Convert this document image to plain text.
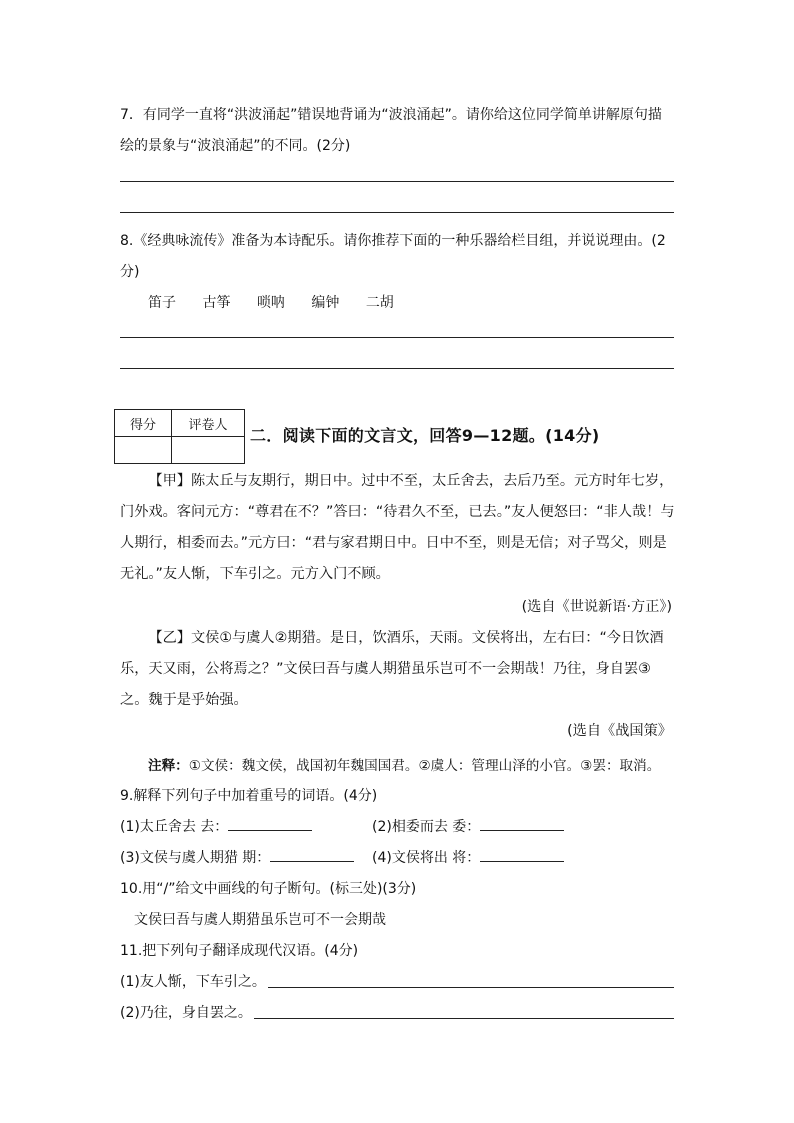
7．有同学一直将“洪波涌起”错误地背诵为“波浪涌起”。请你给这位同学简单讲解原句描
绘的景象与“波浪涌起”的不同。(2分)
8.《经典咏流传》准备为本诗配乐。请你推荐下面的一种乐器给栏目组，并说说理由。(2
分)
笛子 古筝 唢呐 编钟 二胡
得分	评卷人

二．阅读下面的文言文，回答9—12题。(14分)
【甲】陈太丘与友期行，期日中。过中不至，太丘舍去，去后乃至。元方时年七岁，门外戏。客问元方：“尊君在不？”答曰：“待君久不至，已去。”友人便怒曰：“非人哉！与人期行，相委而去。”元方曰：“君与家君期日中。日中不至，则是无信；对子骂父，则是无礼。”友人惭，下车引之。元方入门不顾。
(选自《世说新语·方正》)
【乙】文侯①与虞人②期猎。是日，饮酒乐，天雨。文侯将出，左右曰：“今日饮酒乐，天又雨，公将焉之？”文侯曰吾与虞人期猎虽乐岂可不一会期哉！乃往，身自罢③之。魏于是乎始强。
(选自《战国策》
注释：①文侯：魏文侯，战国初年魏国国君。②虞人：管理山泽的小官。③罢：取消。
9.解释下列句子中加着重号的词语。(4分)
(1)太丘舍去 去：	(2)相委而去 委：
(3)文侯与虞人期猎 期：	(4)文侯将出 将：
10.用“/”给文中画线的句子断句。(标三处)(3分)
文侯曰吾与虞人期猎虽乐岂可不一会期哉
11.把下列句子翻译成现代汉语。(4分)
(1)友人惭，下车引之。
(2)乃往，身自罢之。
